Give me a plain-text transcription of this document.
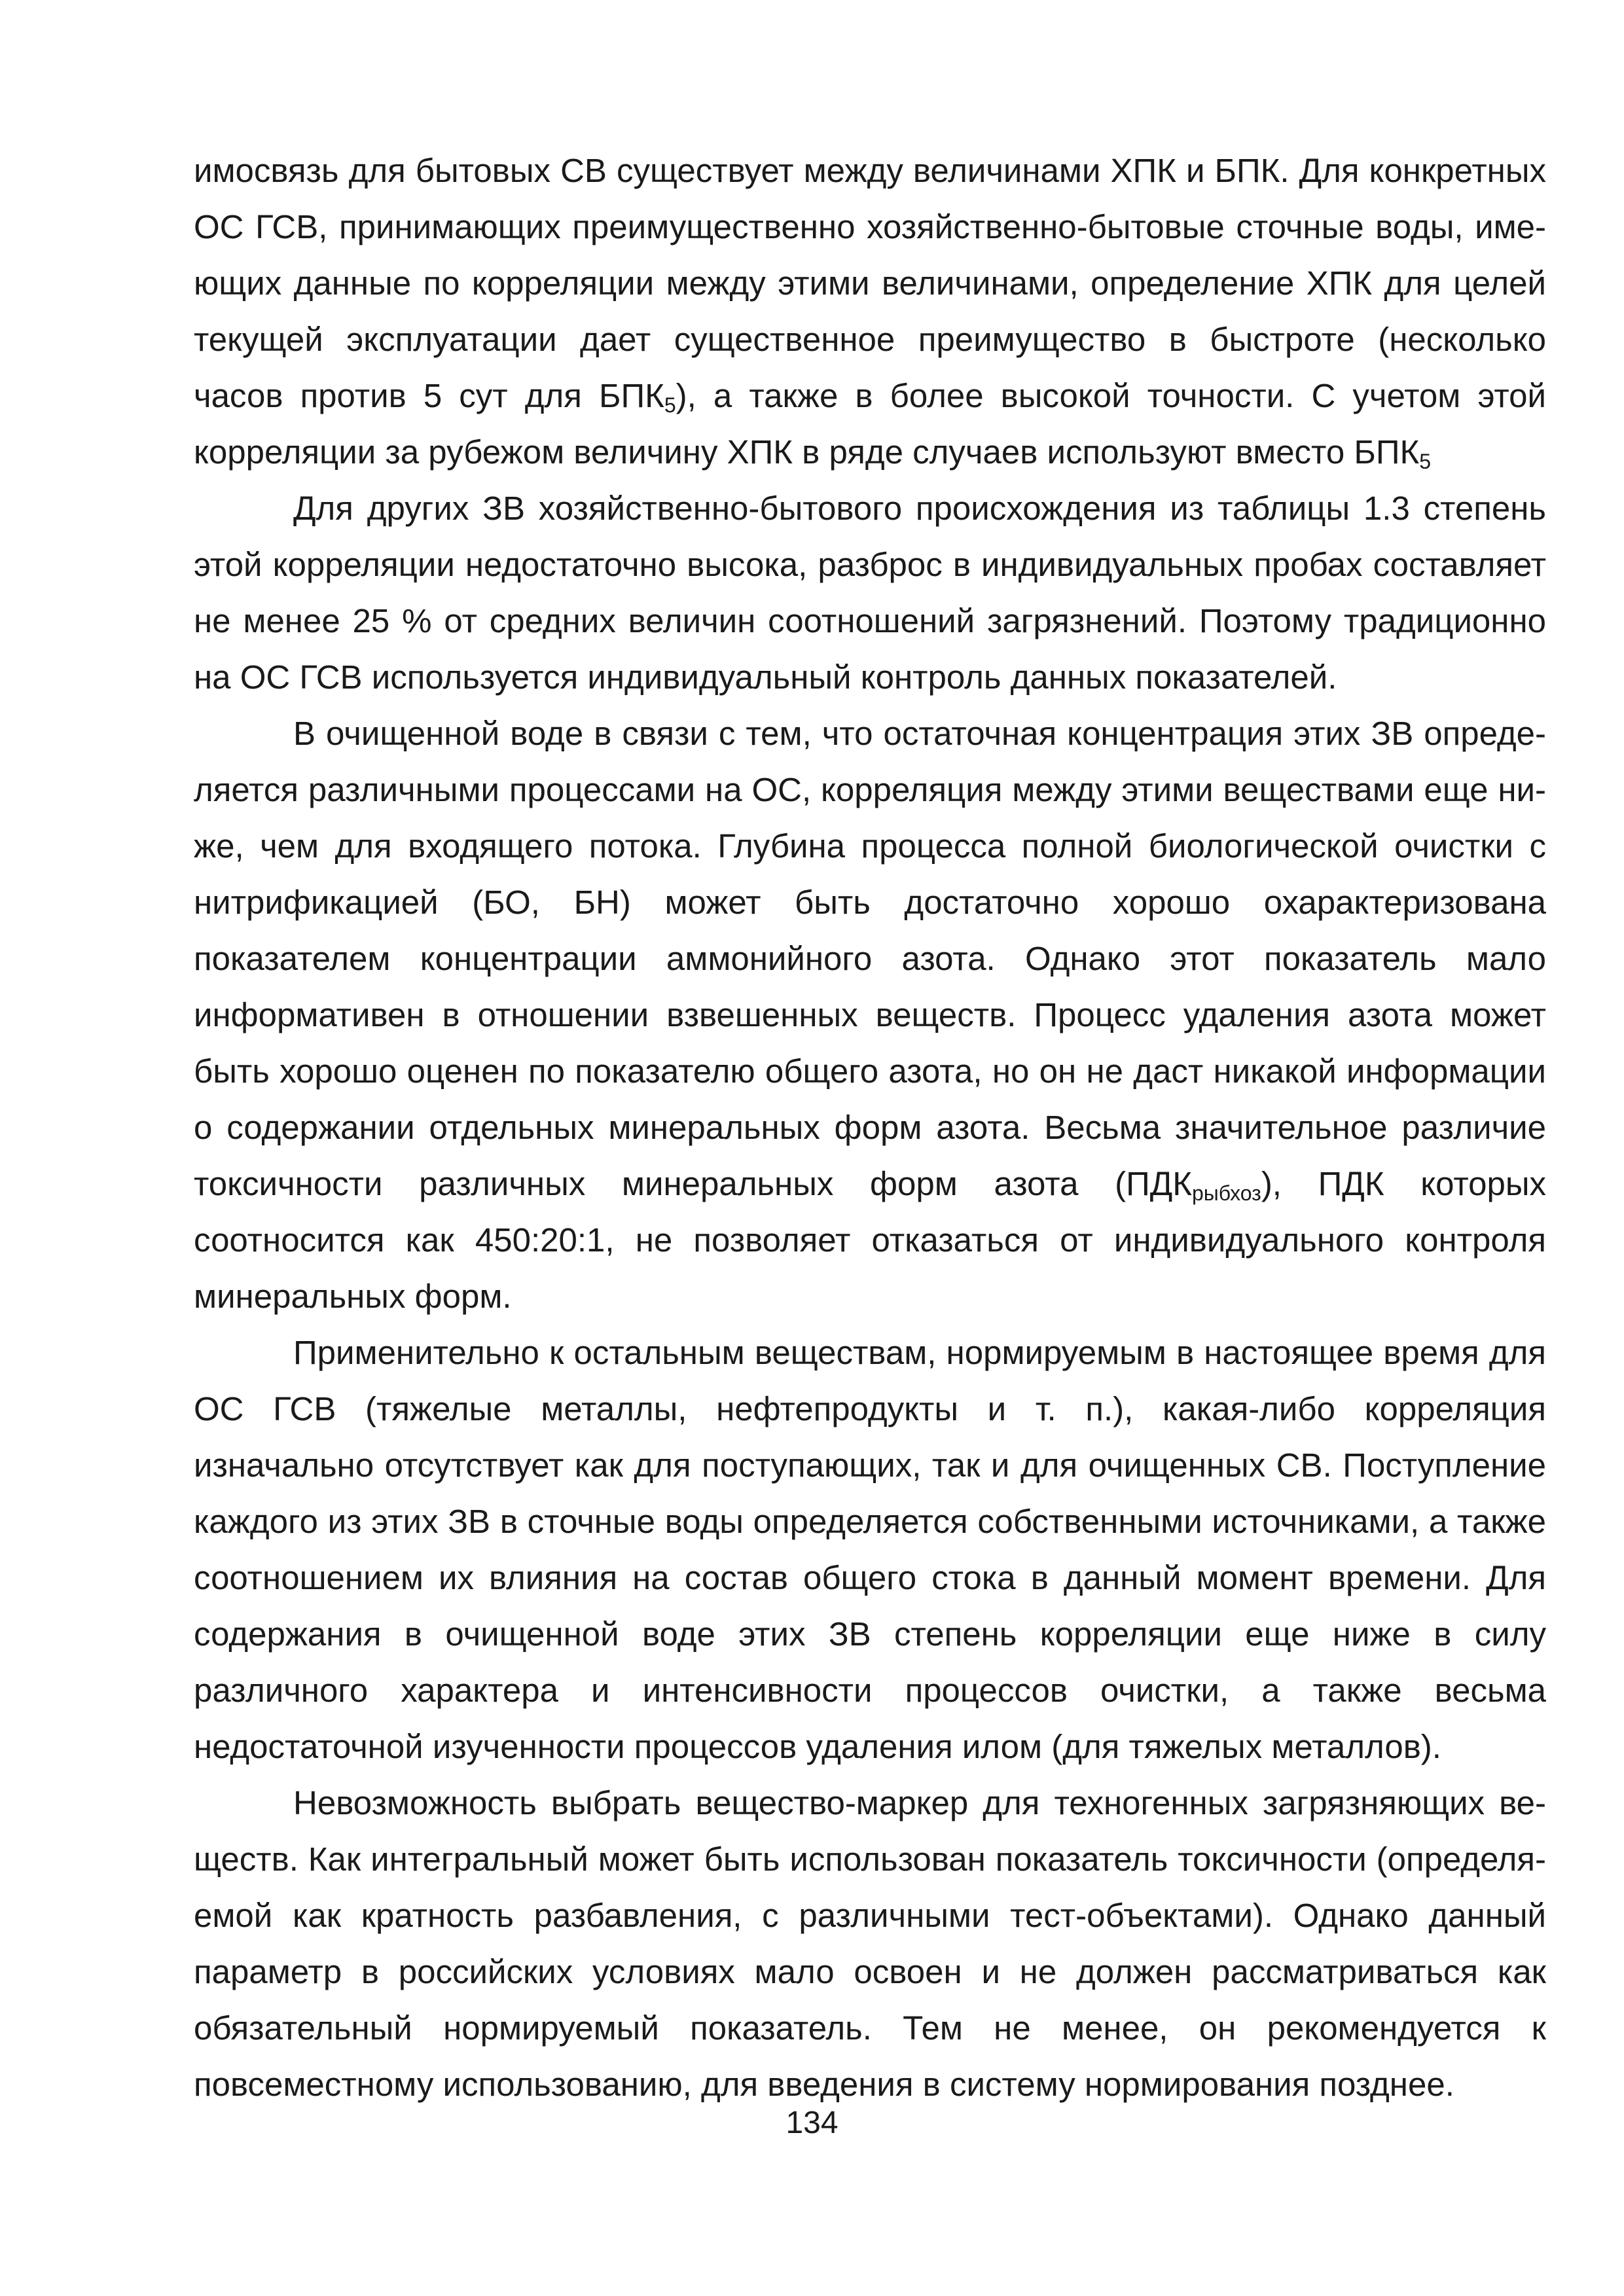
имосвязь для бытовых СВ существует между величинами ХПК и БПК. Для конкретных ОС ГСВ, принимающих преимущественно хозяйственно-бытовые сточные воды, имеющих данные по корреляции между этими величинами, определение ХПК для целей текущей эксплуатации дает существенное преимущество в быстроте (несколько часов против 5 сут для $БПК_5$), а также в более высокой точности. С учетом этой корреляции за рубежом величину ХПК в ряде случаев используют вместо $БПК_5$

Для других ЗВ хозяйственно-бытового происхождения из таблицы 1.3 степень этой корреляции недостаточно высока, разброс в индивидуальных пробах составляет не менее 25 % от средних величин соотношений загрязнений. Поэтому традиционно на ОС ГСВ используется индивидуальный контроль данных показателей.

В очищенной воде в связи с тем, что остаточная концентрация этих ЗВ определяется различными процессами на ОС, корреляция между этими веществами еще ниже, чем для входящего потока. Глубина процесса полной биологической очистки с нитрификацией (БО, БН) может быть достаточно хорошо охарактеризована показателем концентрации аммонийного азота. Однако этот показатель мало информативен в отношении взвешенных веществ. Процесс удаления азота может быть хорошо оценен по показателю общего азота, но он не даст никакой информации о содержании отдельных минеральных форм азота. Весьма значительное различие токсичности различных минеральных форм азота $(ПДК_{рыбхоз})$, ПДК которых соотносится как 450:20:1, не позволяет отказаться от индивидуального контроля минеральных форм.

Применительно к остальным веществам, нормируемым в настоящее время для ОС ГСВ (тяжелые металлы, нефтепродукты и т. п.), какая-либо корреляция изначально отсутствует как для поступающих, так и для очищенных СВ. Поступление каждого из этих ЗВ в сточные воды определяется собственными источниками, а также соотношением их влияния на состав общего стока в данный момент времени. Для содержания в очищенной воде этих ЗВ степень корреляции еще ниже в силу различного характера и интенсивности процессов очистки, а также весьма недостаточной изученности процессов удаления илом (для тяжелых металлов).

Невозможность выбрать вещество-маркер для техногенных загрязняющих веществ. Как интегральный может быть использован показатель токсичности (определяемой как кратность разбавления, с различными тест-объектами). Однако данный параметр в российских условиях мало освоен и не должен рассматриваться как обязательный нормируемый показатель. Тем не менее, он рекомендуется к повсеместному использованию, для введения в систему нормирования позднее.

134
